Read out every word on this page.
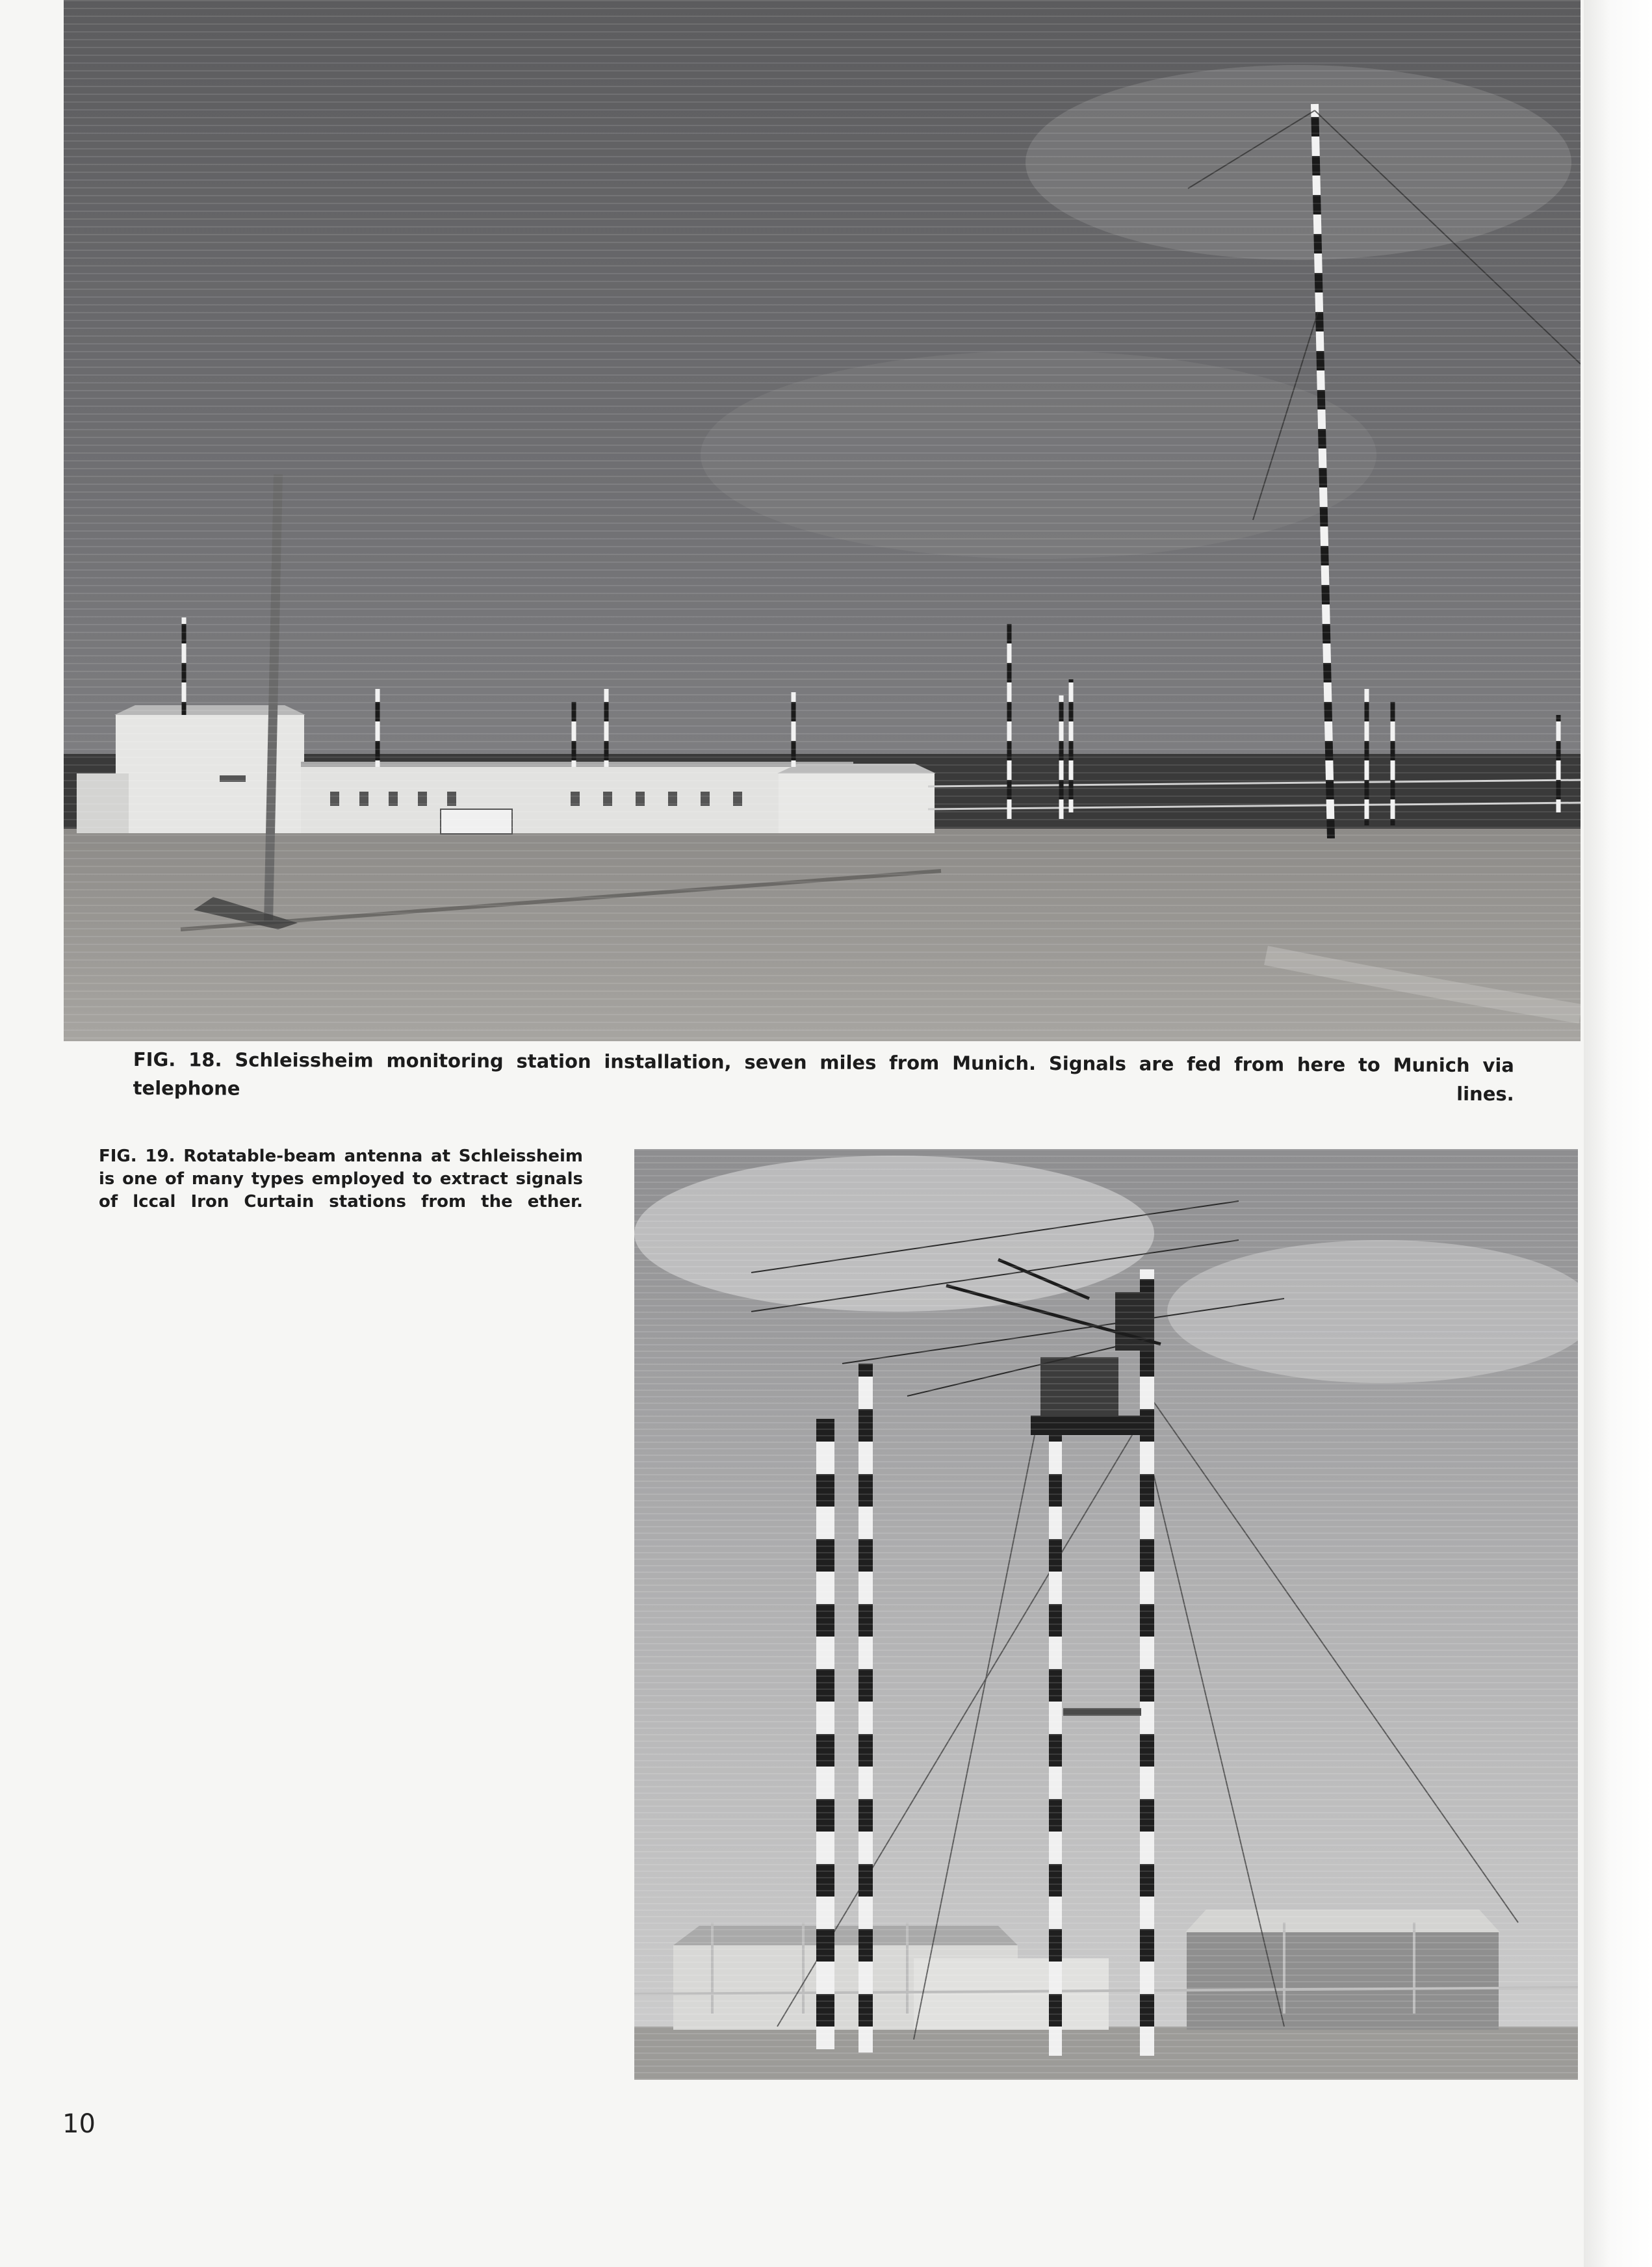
FIG. 18. Schleissheim monitoring station installation, seven miles from Munich. Signals are fed from here to Munich via telephone lines.

FIG. 19. Rotatable-beam antenna at Schleissheim
is one of many types employed to extract signals
of lccal Iron Curtain stations from the ether.
10
